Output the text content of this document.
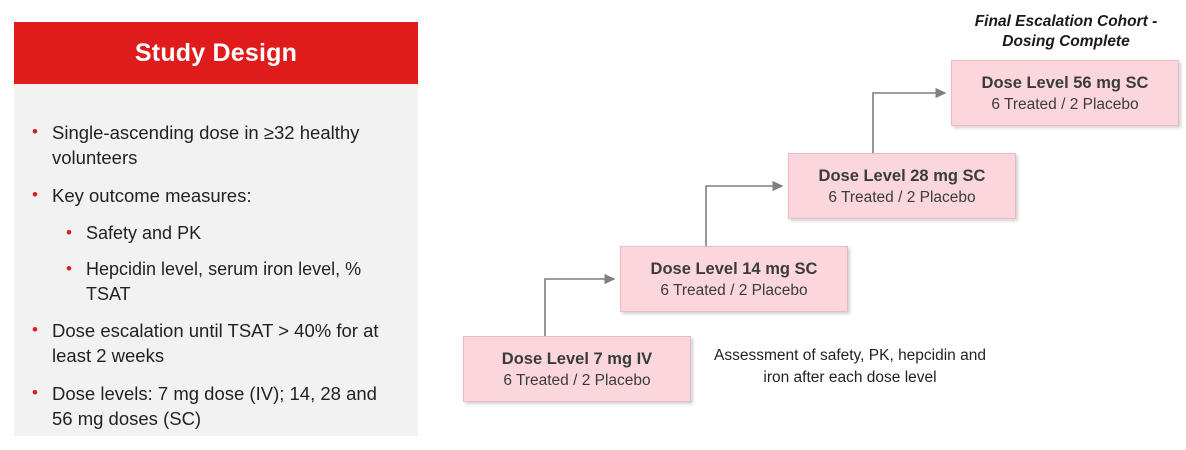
Study Design
• Single-ascending dose in ≥32 healthy volunteers
• Key outcome measures:
• Safety and PK
• Hepcidin level, serum iron level, % TSAT
• Dose escalation until TSAT > 40% for at least 2 weeks
• Dose levels: 7 mg dose (IV); 14, 28 and 56 mg doses (SC)
Final Escalation Cohort - Dosing Complete
Dose Level 7 mg IV
6 Treated / 2 Placebo
Dose Level 14 mg SC
6 Treated / 2 Placebo
Dose Level 28 mg SC
6 Treated / 2 Placebo
Dose Level 56 mg SC
6 Treated / 2 Placebo
Assessment of safety, PK, hepcidin and iron after each dose level
